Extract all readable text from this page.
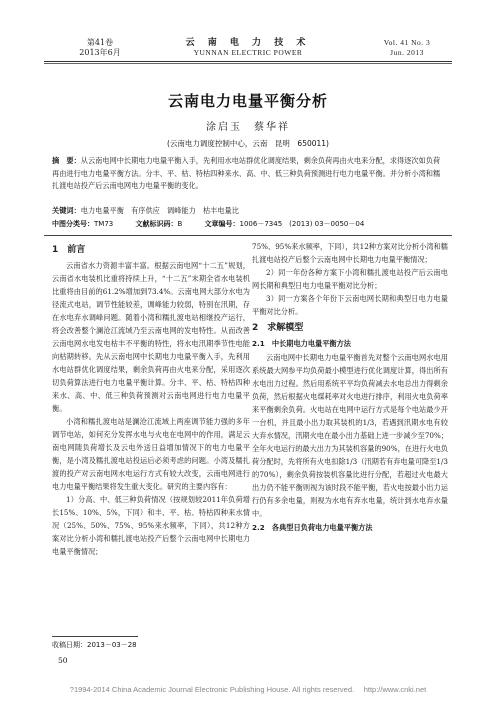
第41卷
2013年6月
云 南 电 力 技 术
YUNNAN ELECTRIC POWER
Vol. 41 No. 3
Jun. 2013
云南电力电量平衡分析
涂启玉　蔡华祥
(云南电力调度控制中心，云南　昆明　650011)
摘　要：从云南电网中长期电力电量平衡入手，先利用水电站群优化调度结果，剩余负荷再由火电来分配，求得逐次如负荷再由进行电力电量平衡方法。分丰、平、枯、特枯四种来水、高、中、低三种负荷预测进行电力电量平衡。并分析小湾和糯扎渡电站投产后云南电网电力电量平衡的变化。
关键词：电力电量平衡　有序供应　调峰能力　枯丰电量比
中图分类号：TM73	文献标识码：B	文章编号：1006－7345　(2013) 03－0050－04
1　前言

云南省水力资源丰富丰富。根据云南电网“十二五”规划，云南省水电装机比重将持续上升，“十二五”末期全省水电装机比重将由目前的61.2%增加到73.4%。云南电网大部分水电为径流式电站，调节性能较差，调峰能力较弱，特别在汛期，存在水电弃水调峰问题。随着小湾和糯扎渡电站相继投产运行，将会改善整个澜沧江流域乃至云南电网的发电特性。从而改善云南电网水电发电枯丰不平衡的特性，将水电汛期季节性电能向枯期转移。先从云南电网中长期电力电量平衡入手，先利用水电站群优化调度结果，剩余负荷再由火电来分配，采用逐次切负荷算法进行电力电量平衡计算。分丰、平、枯、特枯四种来水、高、中、低三种负荷预测对云南电网进行电力电量平衡。

小湾和糯扎渡电站是澜沧江流域上两座调节能力强的多年调节电站，如何充分发挥水电与火电在电网中的作用，满足云南电网随负荷增长及云电外送日益增加情况下的电力电量平衡，是小湾及糯扎渡电站投运后必须考虑的问题。小湾及糯扎渡的投产对云南电网水电运行方式有较大改变，云南电网进行电力电量平衡结果将发生重大变化。研究的主要内容有：

1）分高、中、低三种负荷情况（按规划较2011年负荷增长15%、10%、5%，下同）和丰、平、枯、特枯四种来水情况（25%、50%、75%、95%来水频率，下同），共12种方案对比分析小湾和糯扎渡电站投产后整个云南电网中长期电力电量平衡情况；

75%、95%来水频率，下同），共12种方案对比分析小湾和糯扎渡电站投产后整个云南电网中长期电力电量平衡情况；

2）同一年份各种方案下小湾和糯扎渡电站投产后云南电网长期和典型日电力电量平衡对比分析；

3）同一方案各个年份下云南电网长期和典型日电力电量平衡对比分析。

2　求解模型
2.1　中长期电力电量平衡方法

云南电网中长期电力电量平衡首先对整个云南电网水电用系统最大网参平均负荷最小模型进行优化调度计算，得出所有水电出力过程。然后用系统平平均负荷减去水电总出力得剩余负荷，然后根据火电煤耗率对火电进行排序，利用火电负荷率来平衡剩余负荷。火电站在电网中运行方式是每个电站最少开一台机，并且最小出力取其装机的1/3，若遇到汛期水电有较大弃水情况，汛期火电在最小出力基础上进一步减少至70%；全年火电运行的最大出力为其装机容量的90%，在进行火电负荷分配时，先将所有火电扣除1/3（汛期若有弃电量可降至1/3的70%），剩余负荷按装机容量比进行分配，若超过火电最大出力仍不能平衡则视为该时段不能平衡，若火电按最小出力运行仍有多余电量，则视为水电有弃水电量，统计到水电弃水量中。

2.2　各典型日负荷电力电量平衡方法
收稿日期：2013－03－28
50
?1994-2014 China Academic Journal Electronic Publishing House. All rights reserved.　 http://www.cnki.net
